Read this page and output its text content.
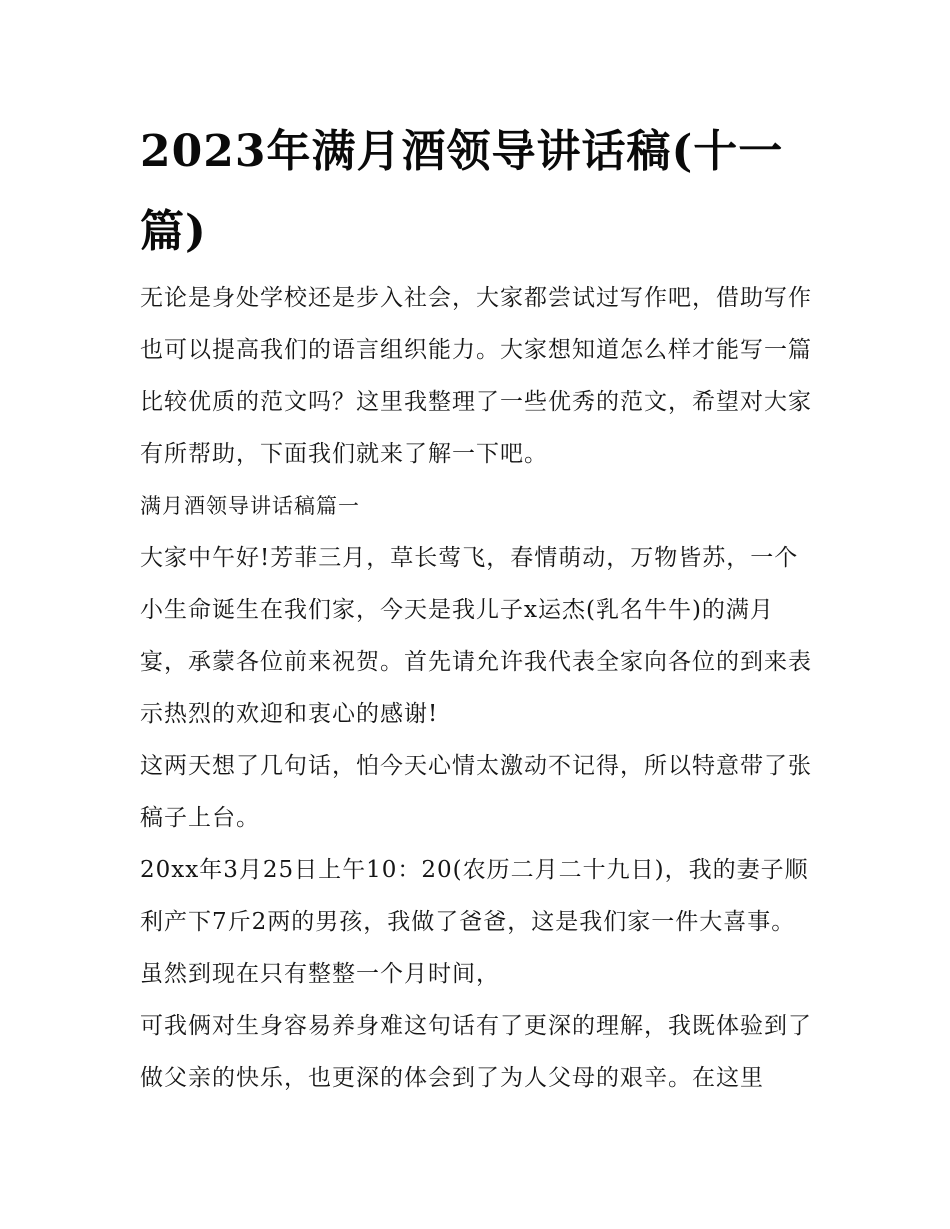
2023年满月酒领导讲话稿(十一篇)

无论是身处学校还是步入社会，大家都尝试过写作吧，借助写作也可以提高我们的语言组织能力。大家想知道怎么样才能写一篇比较优质的范文吗？这里我整理了一些优秀的范文，希望对大家有所帮助，下面我们就来了解一下吧。

满月酒领导讲话稿篇一

大家中午好!芳菲三月，草长莺飞，春情萌动，万物皆苏，一个小生命诞生在我们家，今天是我儿子x运杰(乳名牛牛)的满月宴，承蒙各位前来祝贺。首先请允许我代表全家向各位的到来表示热烈的欢迎和衷心的感谢!

这两天想了几句话，怕今天心情太激动不记得，所以特意带了张稿子上台。

20xx年3月25日上午10：20(农历二月二十九日)，我的妻子顺利产下7斤2两的男孩，我做了爸爸，这是我们家一件大喜事。虽然到现在只有整整一个月时间，

可我俩对生身容易养身难这句话有了更深的理解，我既体验到了做父亲的快乐，也更深的体会到了为人父母的艰辛。在这里
